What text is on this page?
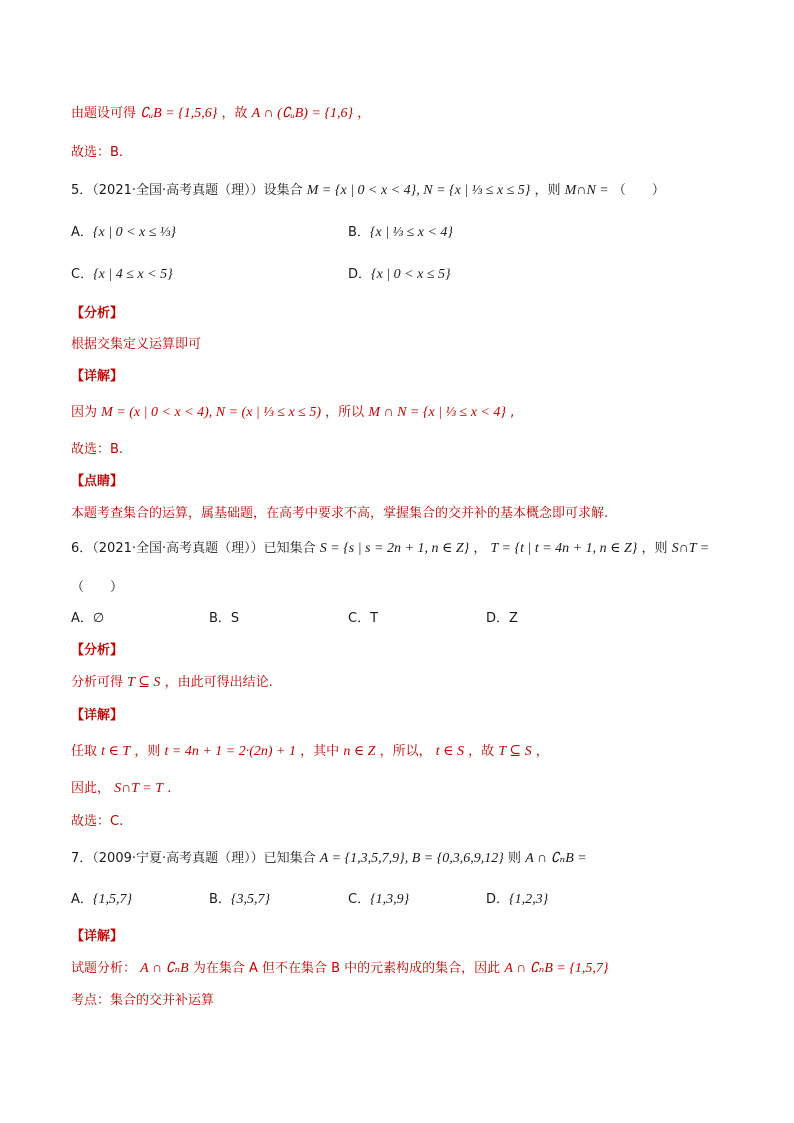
由题设可得 ∁ᵤB = {1,5,6} ，故 A ∩ (∁ᵤB) = {1,6} ，
故选：B.
5．（2021·全国·高考真题（理））设集合 M = {x | 0 < x < 4}, N = {x | ⅓ ≤ x ≤ 5} ，则 M∩N = （　　）
A．{x | 0 < x ≤ ⅓}	B．{x | ⅓ ≤ x < 4}
C．{x | 4 ≤ x < 5}	D．{x | 0 < x ≤ 5}
【分析】
根据交集定义运算即可
【详解】
因为 M = (x | 0 < x < 4), N = (x | ⅓ ≤ x ≤ 5) ，所以 M ∩ N = {x | ⅓ ≤ x < 4} ,
故选：B.
【点睛】
本题考查集合的运算，属基础题，在高考中要求不高，掌握集合的交并补的基本概念即可求解.
6．（2021·全国·高考真题（理））已知集合 S = {s | s = 2n + 1, n ∈ Z} ， T = {t | t = 4n + 1, n ∈ Z} ，则 S∩T =
（　　）
A．∅	B．S	C．T	D．Z
【分析】
分析可得 T ⊆ S ，由此可得出结论.
【详解】
任取 t ∈ T ，则 t = 4n + 1 = 2·(2n) + 1 ，其中 n ∈ Z ，所以， t ∈ S ，故 T ⊆ S ，
因此， S∩T = T .
故选：C.
7．（2009·宁夏·高考真题（理））已知集合 A = {1,3,5,7,9}, B = {0,3,6,9,12} 则 A ∩ ∁ₙB =
A．{1,5,7}	B．{3,5,7}	C．{1,3,9}	D．{1,2,3}
【详解】
试题分析： A ∩ ∁ₙB 为在集合 A 但不在集合 B 中的元素构成的集合，因此 A ∩ ∁ₙB = {1,5,7}
考点：集合的交并补运算
